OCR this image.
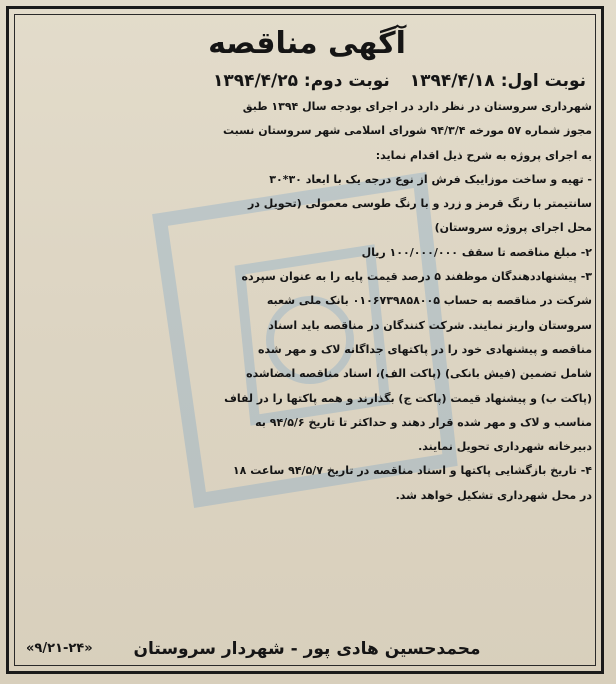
آگهی مناقصه
نوبت اول: ۱۳۹۴/۴/۱۸ نوبت دوم: ۱۳۹۴/۴/۲۵
شهرداری سروستان در نظر دارد در اجرای بودجه سال ۱۳۹۴ طبق
مجوز شماره ۵۷ مورخه ۹۴/۳/۴ شورای اسلامی شهر سروستان نسبت
به اجرای پروژه به شرح ذیل اقدام نماید:
- تهیه و ساخت موزاییک فرش از نوع درجه یک با ابعاد ۳۰*۳۰
سانتیمتر با رنگ قرمز و زرد و با رنگ طوسی معمولی (تحویل در
محل اجرای پروژه سروستان)
۲- مبلغ مناقصه تا سقف ۱۰۰/۰۰۰/۰۰۰ ریال
۳- پیشنهاددهندگان موظفند ۵ درصد قیمت پایه را به عنوان سپرده
شرکت در مناقصه به حساب ۰۱۰۶۷۳۹۸۵۸۰۰۵ بانک ملی شعبه
سروستان واریز نمایند. شرکت کنندگان در مناقصه باید اسناد
مناقصه و پیشنهادی خود را در پاکتهای جداگانه لاک و مهر شده
شامل تضمین (فیش بانکی) (پاکت الف)، اسناد مناقصه امضاشده
(پاکت ب) و پیشنهاد قیمت (پاکت ج) بگذارند و همه پاکتها را در لفاف
مناسب و لاک و مهر شده قرار دهند و حداکثر تا تاریخ ۹۴/۵/۶ به
دبیرخانه شهرداری تحویل نمایند.
۴- تاریخ بازگشایی پاکتها و اسناد مناقصه در تاریخ ۹۴/۵/۷ ساعت ۱۸
در محل شهرداری تشکیل خواهد شد.
محمدحسین هادی پور - شهردار سروستان
«۹/۲۱-۲۴»
